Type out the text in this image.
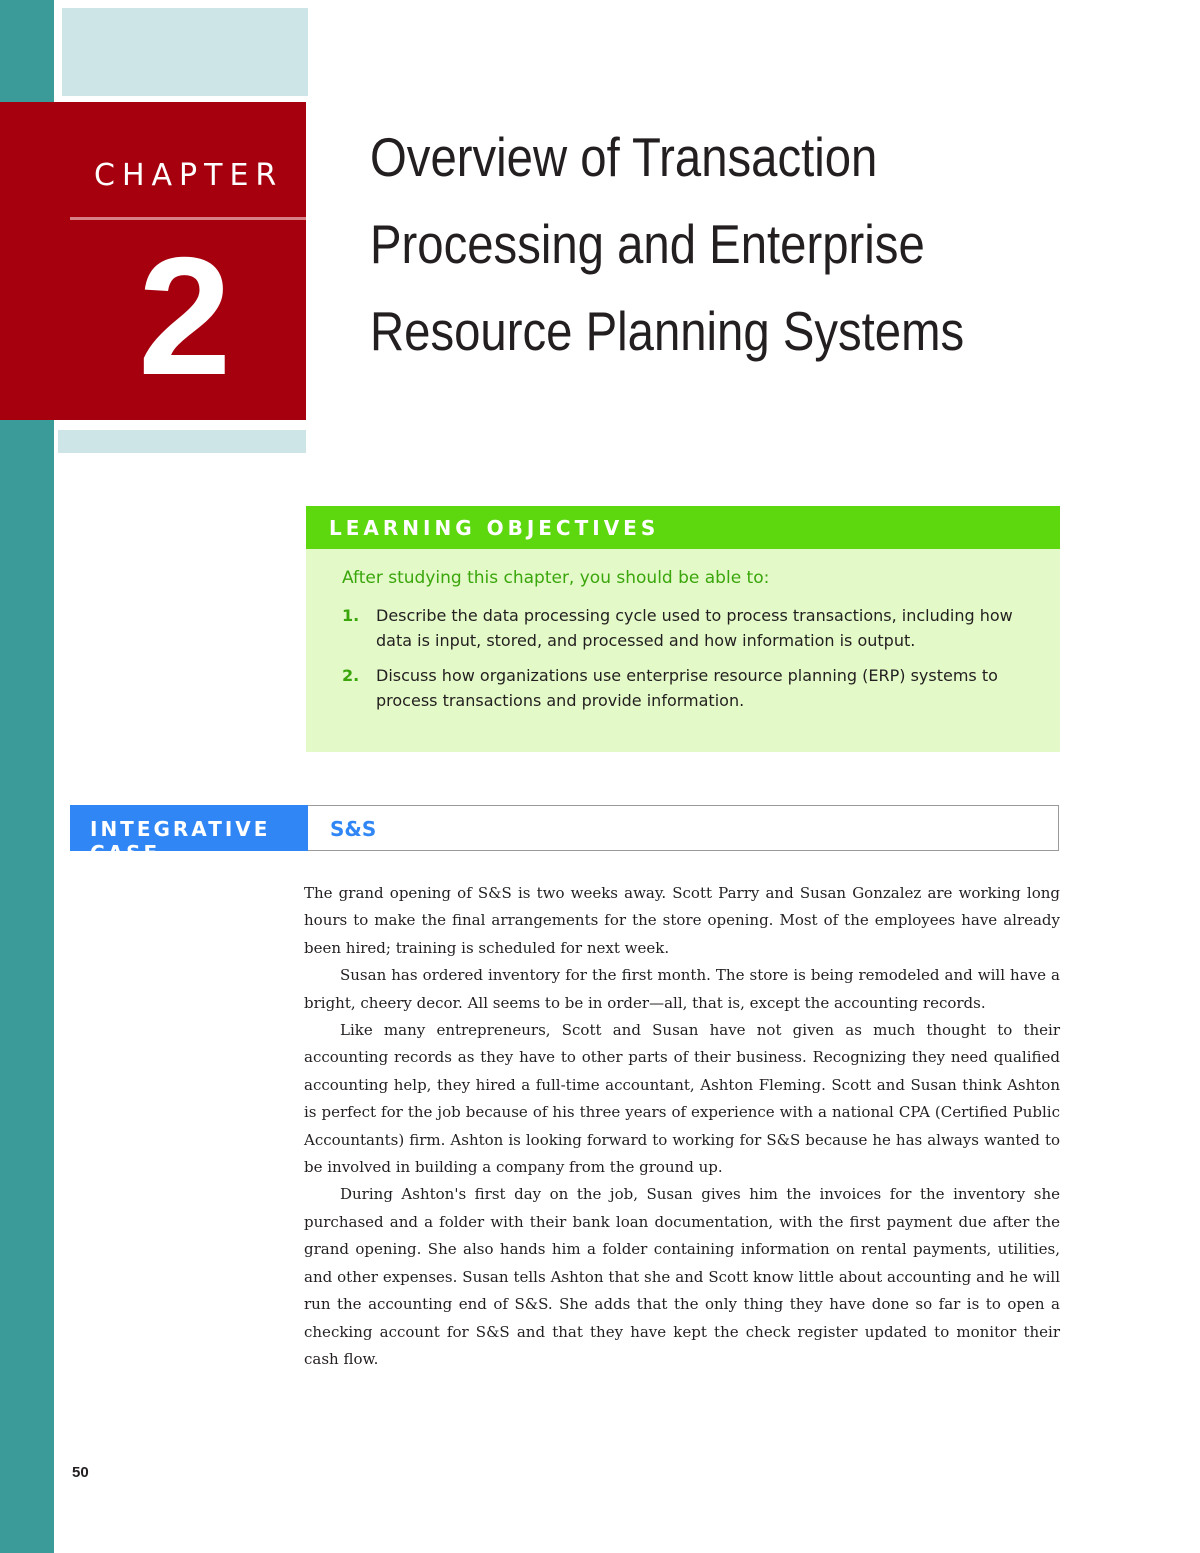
CHAPTER
2
Overview of Transaction Processing and Enterprise Resource Planning Systems
LEARNING OBJECTIVES

After studying this chapter, you should be able to:

1. Describe the data processing cycle used to process transactions, including how data is input, stored, and processed and how information is output.
2. Discuss how organizations use enterprise resource planning (ERP) systems to process transactions and provide information.
INTEGRATIVE CASE
S&S

The grand opening of S&S is two weeks away. Scott Parry and Susan Gonzalez are working long hours to make the final arrangements for the store opening. Most of the employees have already been hired; training is scheduled for next week.

Susan has ordered inventory for the first month. The store is being remodeled and will have a bright, cheery decor. All seems to be in order—all, that is, except the accounting records.

Like many entrepreneurs, Scott and Susan have not given as much thought to their accounting records as they have to other parts of their business. Recognizing they need qualified accounting help, they hired a full-time accountant, Ashton Fleming. Scott and Susan think Ashton is perfect for the job because of his three years of experience with a national CPA (Certified Public Accountants) firm. Ashton is looking forward to working for S&S because he has always wanted to be involved in building a company from the ground up.

During Ashton's first day on the job, Susan gives him the invoices for the inventory she purchased and a folder with their bank loan documentation, with the first payment due after the grand opening. She also hands him a folder containing information on rental payments, utilities, and other expenses. Susan tells Ashton that she and Scott know little about accounting and he will run the accounting end of S&S. She adds that the only thing they have done so far is to open a checking account for S&S and that they have kept the check register updated to monitor their cash flow.

50
